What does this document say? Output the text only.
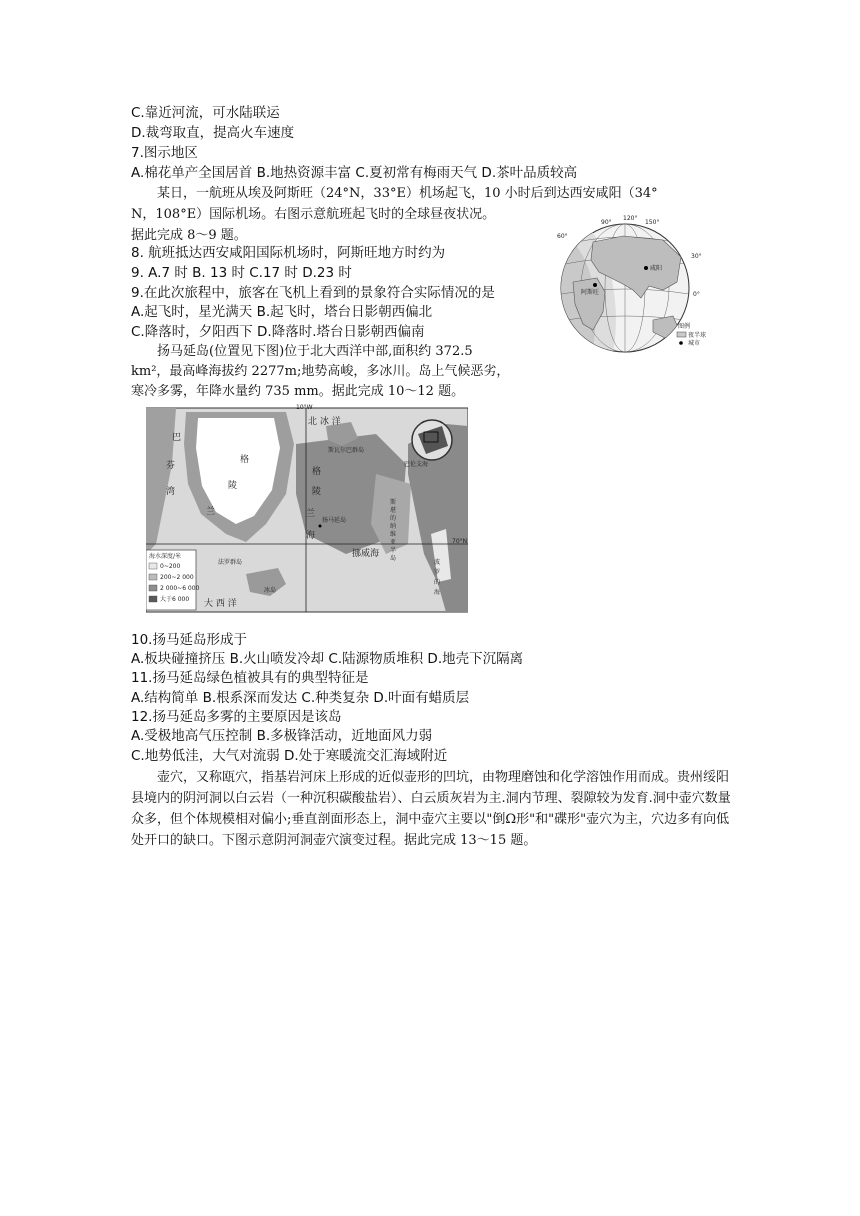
C.靠近河流，可水陆联运
D.裁弯取直，提高火车速度
7.图示地区
A.棉花单产全国居首 B.地热资源丰富 C.夏初常有梅雨天气 D.茶叶品质较高
某日，一航班从埃及阿斯旺（24°N，33°E）机场起飞，10 小时后到达西安咸阳（34°
N，108°E）国际机场。右图示意航班起飞时的全球昼夜状况。
据此完成 8～9 题。
8. 航班抵达西安咸阳国际机场时，阿斯旺地方时约为
9. A.7 时 B. 13 时 C.17 时 D.23 时
9.在此次旅程中，旅客在飞机上看到的景象符合实际情况的是
A.起飞时，星光满天 B.起飞时，塔台日影朝西偏北
C.降落时，夕阳西下 D.降落时.塔台日影朝西偏南
扬马延岛(位置见下图)位于北大西洋中部,面积约 372.5
km²，最高峰海拔约 2277m;地势高峻，多冰川。岛上气候恶劣，
寒冷多雾，年降水量约 735 mm。据此完成 10～12 题。
咸阳
阿斯旺
90°
120°
150°
60°
30°
0°
图例
夜半球
城市
10°W
70°N
巴
芬
湾
格
陵
兰
北 冰 洋
斯瓦尔巴群岛
巴伦支海
格
陵
兰
海
扬马延岛
挪威海
斯
堪
的
纳
维
亚
半
岛
波
罗
的
海
大 西 洋
冰岛
法罗群岛
海水深度/米
0~200
200~2 000
2 000~6 000
大于6 000
10.扬马延岛形成于
A.板块碰撞挤压 B.火山喷发冷却 C.陆源物质堆积 D.地壳下沉隔离
11.扬马延岛绿色植被具有的典型特征是
A.结构简单 B.根系深而发达 C.种类复杂 D.叶面有蜡质层
12.扬马延岛多雾的主要原因是该岛
A.受极地高气压控制 B.多极锋活动，近地面风力弱
C.地势低洼，大气对流弱 D.处于寒暖流交汇海域附近
壶穴，又称瓯穴，指基岩河床上形成的近似壶形的凹坑，由物理磨蚀和化学溶蚀作用而成。贵州绥阳县境内的阴河洞以白云岩（一种沉积碳酸盐岩）、白云质灰岩为主.洞内节理、裂隙较为发育.洞中壶穴数量众多，但个体规模相对偏小;垂直剖面形态上，洞中壶穴主要以"倒Ω形"和"碟形"壶穴为主，穴边多有向低处开口的缺口。下图示意阴河洞壶穴演变过程。据此完成 13～15 题。
